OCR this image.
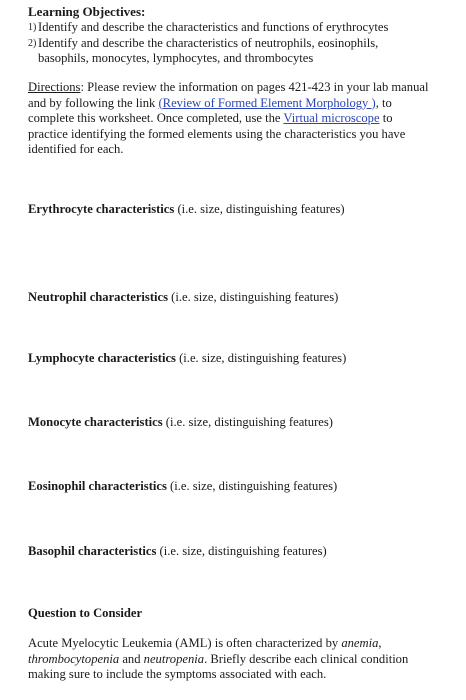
Learning Objectives:
1) Identify and describe the characteristics and functions of erythrocytes
2) Identify and describe the characteristics of neutrophils, eosinophils,
basophils, monocytes, lymphocytes, and thrombocytes
Directions: Please review the information on pages 421-423 in your lab manual and by following the link (Review of Formed Element Morphology ), to complete this worksheet. Once completed, use the Virtual microscope to practice identifying the formed elements using the characteristics you have identified for each.
Erythrocyte characteristics (i.e. size, distinguishing features)
Neutrophil characteristics (i.e. size, distinguishing features)
Lymphocyte characteristics (i.e. size, distinguishing features)
Monocyte characteristics (i.e. size, distinguishing features)
Eosinophil characteristics (i.e. size, distinguishing features)
Basophil characteristics (i.e. size, distinguishing features)
Question to Consider
Acute Myelocytic Leukemia (AML) is often characterized by anemia, thrombocytopenia and neutropenia. Briefly describe each clinical condition making sure to include the symptoms associated with each.
